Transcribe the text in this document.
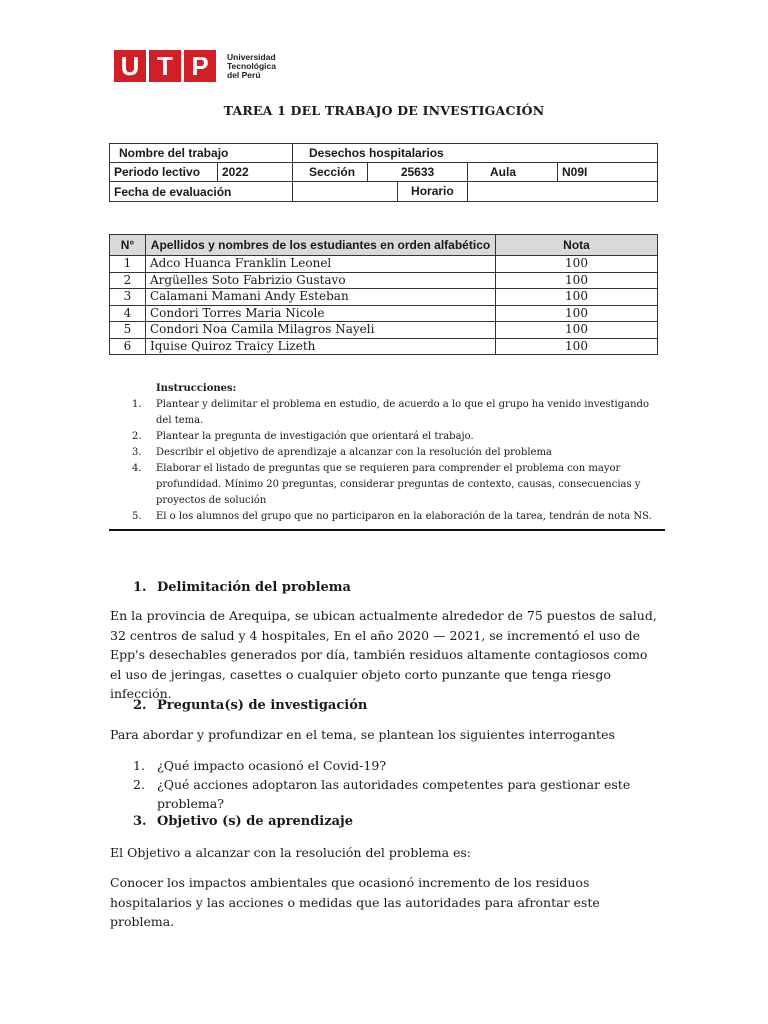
U T P	Universidad
Tecnológica
del Perú
TAREA 1 DEL TRABAJO DE INVESTIGACIÓN
Nombre del trabajo		Desechos hospitalarios			
Periodo lectivo	2022	Sección	25633	Aula	N09I
Fecha de evaluación		Horario			

N°	Apellidos y nombres de los estudiantes en orden alfabético	Nota
1	Adco Huanca Franklin Leonel	100
2	Argüelles Soto Fabrizio Gustavo	100
3	Calamani Mamani Andy Esteban	100
4	Condori Torres Maria Nicole	100
5	Condori Noa Camila Milagros Nayeli	100
6	Iquise Quiroz Traicy Lizeth	100
Instrucciones:
1.	Plantear y delimitar el problema en estudio, de acuerdo a lo que el grupo ha venido investigando del tema.
2.	Plantear la pregunta de investigación que orientará el trabajo.
3.	Describir el objetivo de aprendizaje a alcanzar con la resolución del problema
4.	Elaborar el listado de preguntas que se requieren para comprender el problema con mayor profundidad. Mínimo 20 preguntas, considerar preguntas de contexto, causas, consecuencias y proyectos de solución
5.	El o los alumnos del grupo que no participaron en la elaboración de la tarea, tendrán de nota NS.
1. Delimitación del problema
En la provincia de Arequipa, se ubican actualmente alrededor de 75 puestos de salud, 32 centros de salud y 4 hospitales, En el año 2020 — 2021, se incrementó el uso de Epp's desechables generados por día, también residuos altamente contagiosos como el uso de jeringas, casettes o cualquier objeto corto punzante que tenga riesgo infección.
2. Pregunta(s) de investigación
Para abordar y profundizar en el tema, se plantean los siguientes interrogantes
1. ¿Qué impacto ocasionó el Covid-19?
2. ¿Qué acciones adoptaron las autoridades competentes para gestionar este problema?
3. Objetivo (s) de aprendizaje
El Objetivo a alcanzar con la resolución del problema es:
Conocer los impactos ambientales que ocasionó incremento de los residuos hospitalarios y las acciones o medidas que las autoridades para afrontar este problema.
